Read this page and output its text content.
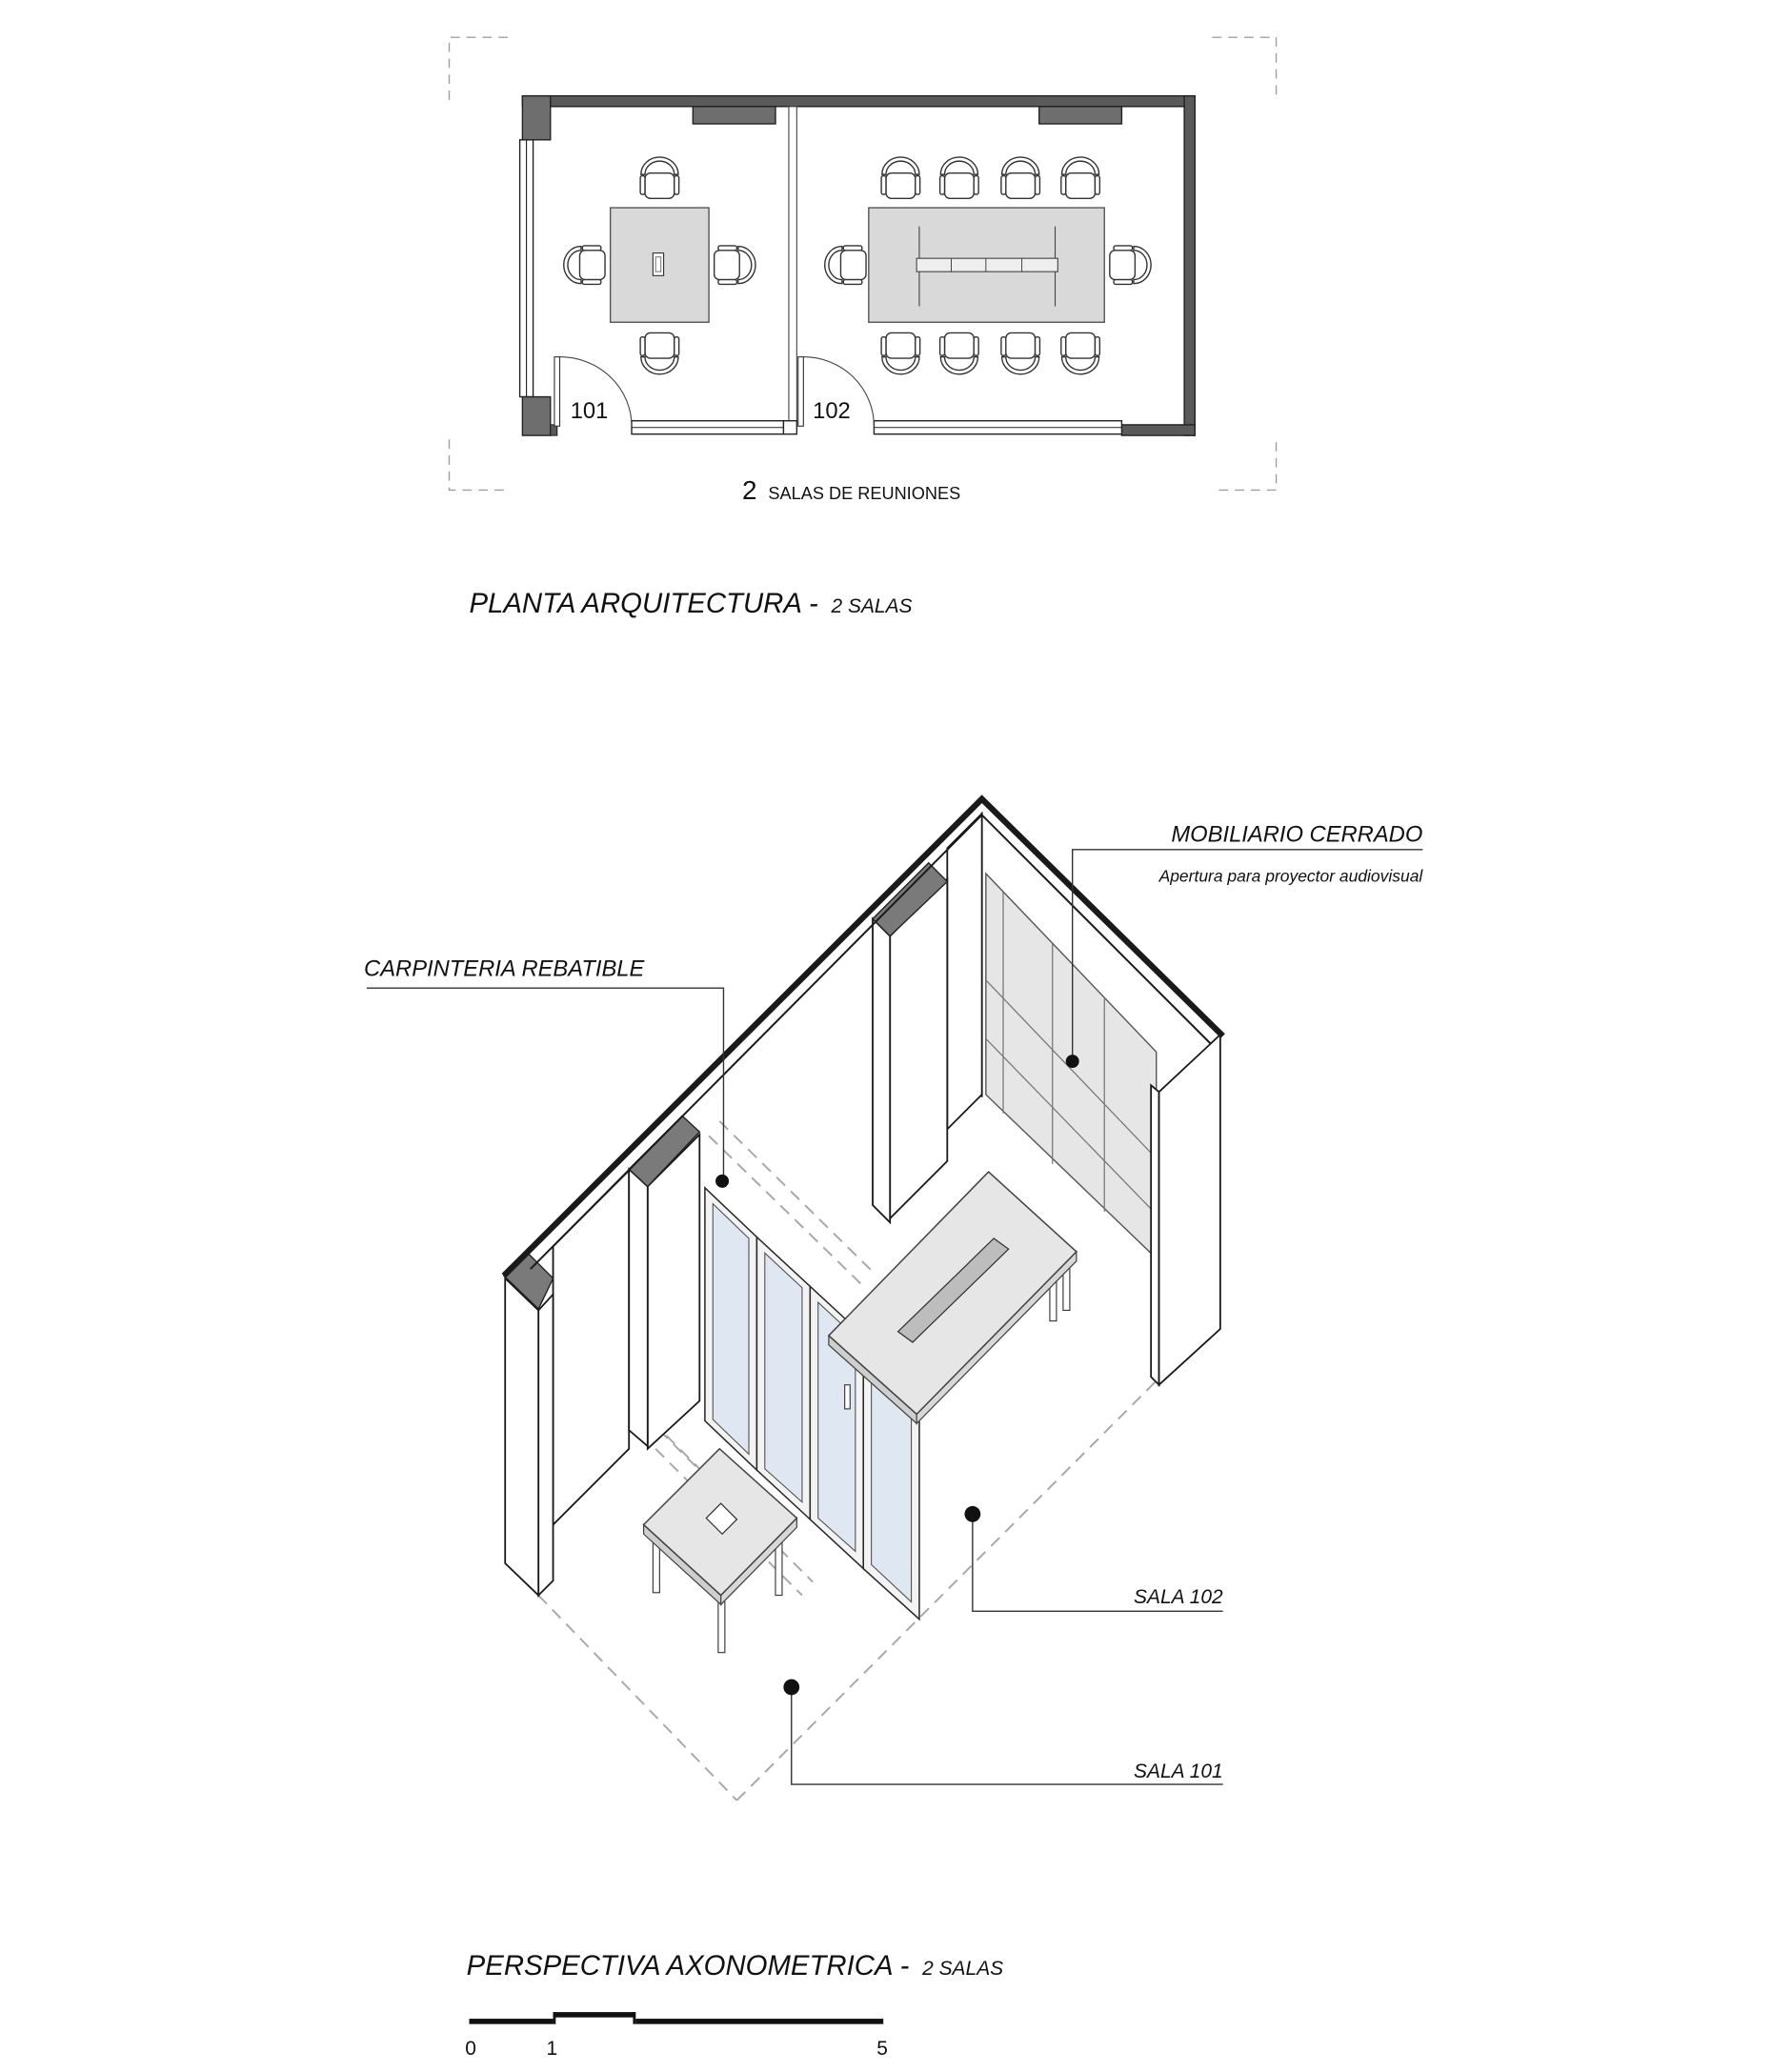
101	102
2 SALAS DE REUNIONES
PLANTA ARQUITECTURA - 2 SALAS
MOBILIARIO CERRADO
Apertura para proyector audiovisual
CARPINTERIA REBATIBLE
SALA 102
SALA 101
PERSPECTIVA AXONOMETRICA - 2 SALAS
0	1	5
